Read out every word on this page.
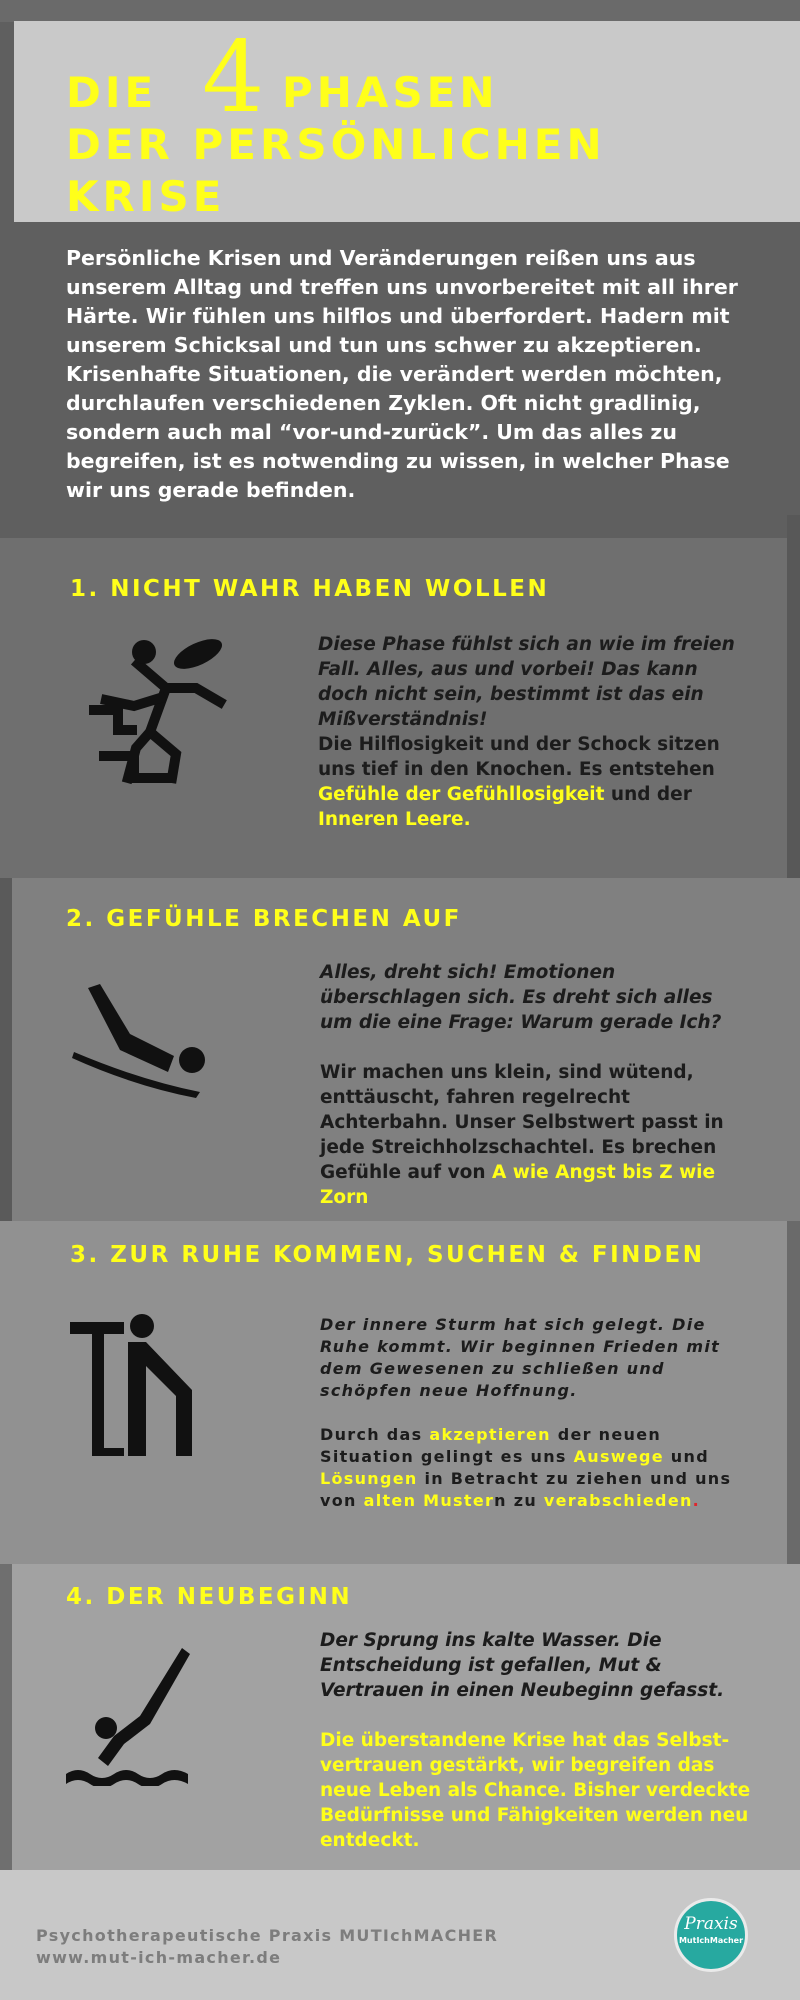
DIE 4 PHASEN
DER PERSÖNLICHEN
KRISE

Persönliche Krisen und Veränderungen reißen uns aus unserem Alltag und treffen uns unvorbereitet mit all ihrer Härte. Wir fühlen uns hilflos und überfordert. Hadern mit unserem Schicksal und tun uns schwer zu akzeptieren. Krisenhafte Situationen, die verändert werden möchten, durchlaufen verschiedenen Zyklen. Oft nicht gradlinig, sondern auch mal “vor-und-zurück”. Um das alles zu begreifen, ist es notwending zu wissen, in welcher Phase wir uns gerade befinden.

1. NICHT WAHR HABEN WOLLEN

Diese Phase fühlst sich an wie im freien Fall. Alles, aus und vorbei! Das kann doch nicht sein, bestimmt ist das ein Mißverständnis!

Die Hilflosigkeit und der Schock sitzen uns tief in den Knochen. Es entstehen Gefühle der Gefühllosigkeit und der Inneren Leere.

2. GEFÜHLE BRECHEN AUF

Alles, dreht sich! Emotionen überschlagen sich. Es dreht sich alles um die eine Frage: Warum gerade Ich?

Wir machen uns klein, sind wütend, enttäuscht, fahren regelrecht Achterbahn. Unser Selbstwert passt in jede Streichholzschachtel. Es brechen Gefühle auf von A wie Angst bis Z wie Zorn

3. ZUR RUHE KOMMEN, SUCHEN & FINDEN

Der innere Sturm hat sich gelegt. Die Ruhe kommt. Wir beginnen Frieden mit dem Gewesenen zu schließen und schöpfen neue Hoffnung.

Durch das akzeptieren der neuen Situation gelingt es uns Auswege und Lösungen in Betracht zu ziehen und uns von alten Mustern zu verabschieden.

4. DER NEUBEGINN

Der Sprung ins kalte Wasser. Die Entscheidung ist gefallen, Mut & Vertrauen in einen Neubeginn gefasst.

Die überstandene Krise hat das Selbst-vertrauen gestärkt, wir begreifen das neue Leben als Chance. Bisher verdeckte Bedürfnisse und Fähigkeiten werden neu entdeckt.

Psychotherapeutische Praxis MUTIchMACHER
www.mut-ich-macher.de
Praxis
MutIchMacher
